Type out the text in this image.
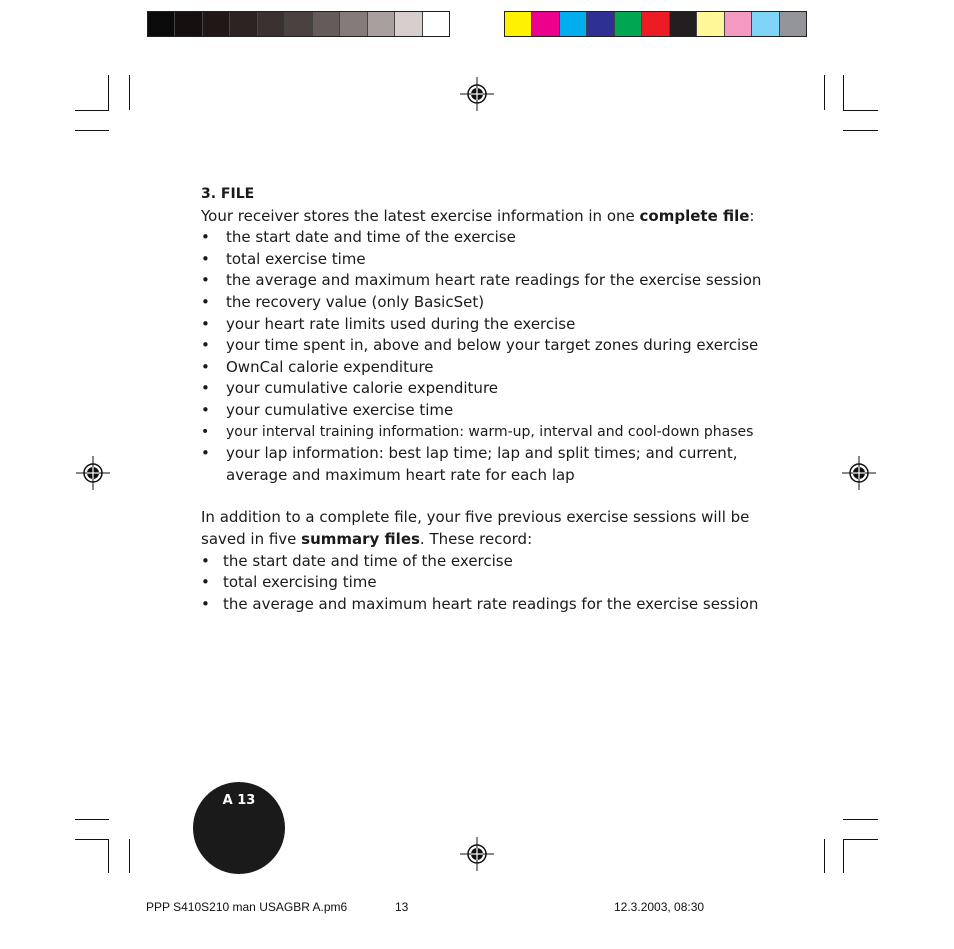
3. FILE

Your receiver stores the latest exercise information in one complete file:

• the start date and time of the exercise
• total exercise time
• the average and maximum heart rate readings for the exercise session
• the recovery value (only BasicSet)
• your heart rate limits used during the exercise
• your time spent in, above and below your target zones during exercise
• OwnCal calorie expenditure
• your cumulative calorie expenditure
• your cumulative exercise time
• your interval training information: warm-up, interval and cool-down phases
• your lap information: best lap time; lap and split times; and current, average and maximum heart rate for each lap

In addition to a complete file, your five previous exercise sessions will be saved in five summary files. These record:

• the start date and time of the exercise
• total exercising time
• the average and maximum heart rate readings for the exercise session
A 13
PPP S410S210 man USAGBR A.pm6	13	12.3.2003, 08:30
